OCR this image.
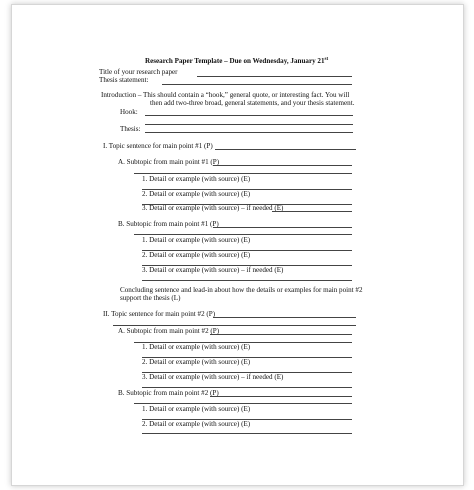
Research Paper Template – Due on Wednesday, January 21st
Title of your research paper
Thesis statement:
Introduction – This should contain a “hook,” general quote, or interesting fact. You will
then add two-three broad, general statements, and your thesis statement.
Hook:
Thesis:
I. Topic sentence for main point #1 (P)
A. Subtopic from main point #1 (P)
1. Detail or example (with source) (E)
2. Detail or example (with source) (E)
3. Detail or example (with source) – if needed (E)
B. Subtopic from main point #1 (P)
1. Detail or example (with source) (E)
2. Detail or example (with source) (E)
3. Detail or example (with source) – if needed (E)
Concluding sentence and lead-in about how the details or examples for main point #2
support the thesis (L)
II. Topic sentence for main point #2 (P)
A. Subtopic from main point #2 (P)
1. Detail or example (with source) (E)
2. Detail or example (with source) (E)
3. Detail or example (with source) – if needed (E)
B. Subtopic from main point #2 (P)
1. Detail or example (with source) (E)
2. Detail or example (with source) (E)
